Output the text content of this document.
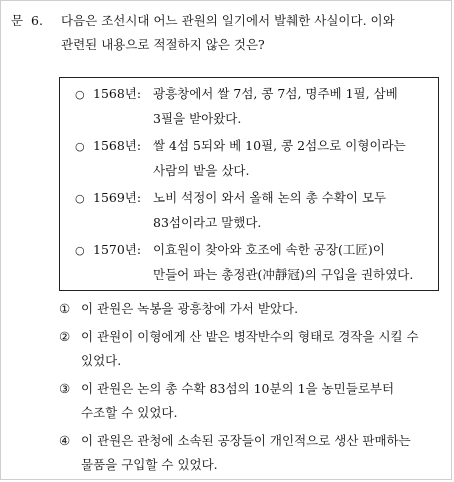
문 6. 다음은 조선시대 어느 관원의 일기에서 발췌한 사실이다. 이와
관련된 내용으로 적절하지 않은 것은?
○ 1568년: 광흥창에서 쌀 7섬, 콩 7섬, 명주베 1필, 삼베
3필을 받아왔다.
○ 1568년: 쌀 4섬 5되와 베 10필, 콩 2섬으로 이형이라는
사람의 밭을 샀다.
○ 1569년: 노비 석정이 와서 올해 논의 총 수확이 모두
83섬이라고 말했다.
○ 1570년: 이효원이 찾아와 호조에 속한 공장(工匠)이
만들어 파는 총정관(冲靜冠)의 구입을 권하였다.
① 이 관원은 녹봉을 광흥창에 가서 받았다.
② 이 관원이 이형에게 산 밭은 병작반수의 형태로 경작을 시킬 수
있었다.
③ 이 관원은 논의 총 수확 83섬의 10분의 1을 농민들로부터
수조할 수 있었다.
④ 이 관원은 관청에 소속된 공장들이 개인적으로 생산 판매하는
물품을 구입할 수 있었다.
